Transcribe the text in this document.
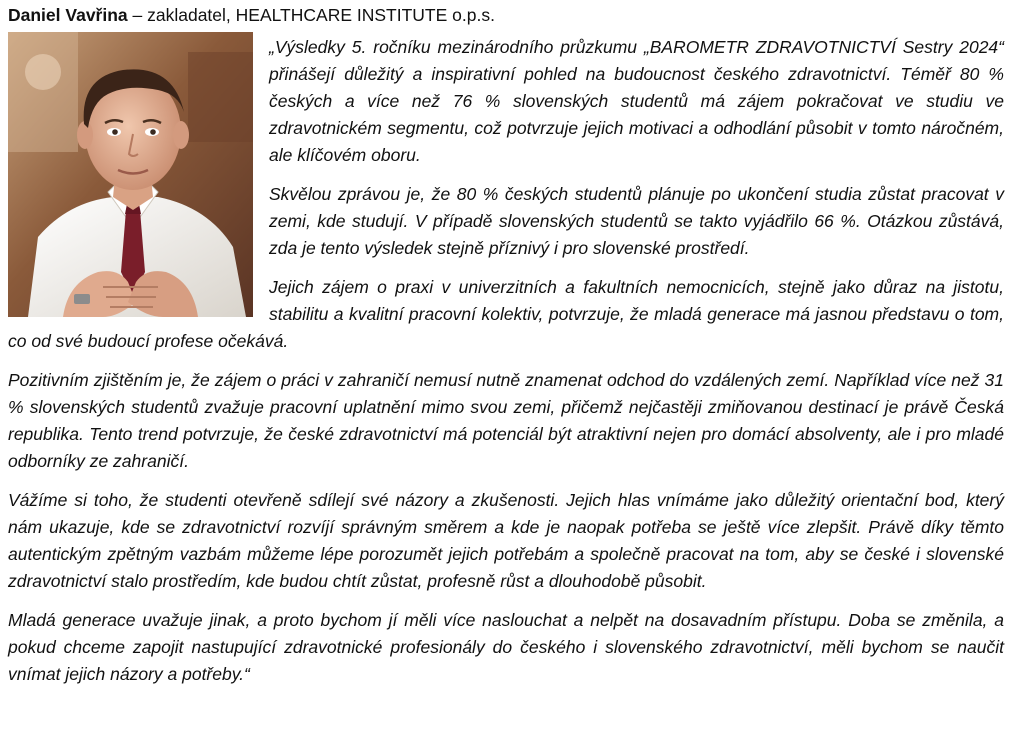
Daniel Vavřina – zakladatel, HEALTHCARE INSTITUTE o.p.s.

„Výsledky 5. ročníku mezinárodního průzkumu „BAROMETR ZDRAVOTNICTVÍ Sestry 2024“ přinášejí důležitý a inspirativní pohled na budoucnost českého zdravotnictví. Téměř 80 % českých a více než 76 % slovenských studentů má zájem pokračovat ve studiu ve zdravotnickém segmentu, což potvrzuje jejich motivaci a odhodlání působit v tomto náročném, ale klíčovém oboru.

Skvělou zprávou je, že 80 % českých studentů plánuje po ukončení studia zůstat pracovat v zemi, kde studují. V případě slovenských studentů se takto vyjádřilo 66 %. Otázkou zůstává, zda je tento výsledek stejně příznivý i pro slovenské prostředí.

Jejich zájem o praxi v univerzitních a fakultních nemocnicích, stejně jako důraz na jistotu, stabilitu a kvalitní pracovní kolektiv, potvrzuje, že mladá generace má jasnou představu o tom, co od své budoucí profese očekává.

Pozitivním zjištěním je, že zájem o práci v zahraničí nemusí nutně znamenat odchod do vzdálených zemí. Například více než 31 % slovenských studentů zvažuje pracovní uplatnění mimo svou zemi, přičemž nejčastěji zmiňovanou destinací je právě Česká republika. Tento trend potvrzuje, že české zdravotnictví má potenciál být atraktivní nejen pro domácí absolventy, ale i pro mladé odborníky ze zahraničí.

Vážíme si toho, že studenti otevřeně sdílejí své názory a zkušenosti. Jejich hlas vnímáme jako důležitý orientační bod, který nám ukazuje, kde se zdravotnictví rozvíjí správným směrem a kde je naopak potřeba se ještě více zlepšit. Právě díky těmto autentickým zpětným vazbám můžeme lépe porozumět jejich potřebám a společně pracovat na tom, aby se české i slovenské zdravotnictví stalo prostředím, kde budou chtít zůstat, profesně růst a dlouhodobě působit.

Mladá generace uvažuje jinak, a proto bychom jí měli více naslouchat a nelpět na dosavadním přístupu. Doba se změnila, a pokud chceme zapojit nastupující zdravotnické profesionály do českého i slovenského zdravotnictví, měli bychom se naučit vnímat jejich názory a potřeby.“
